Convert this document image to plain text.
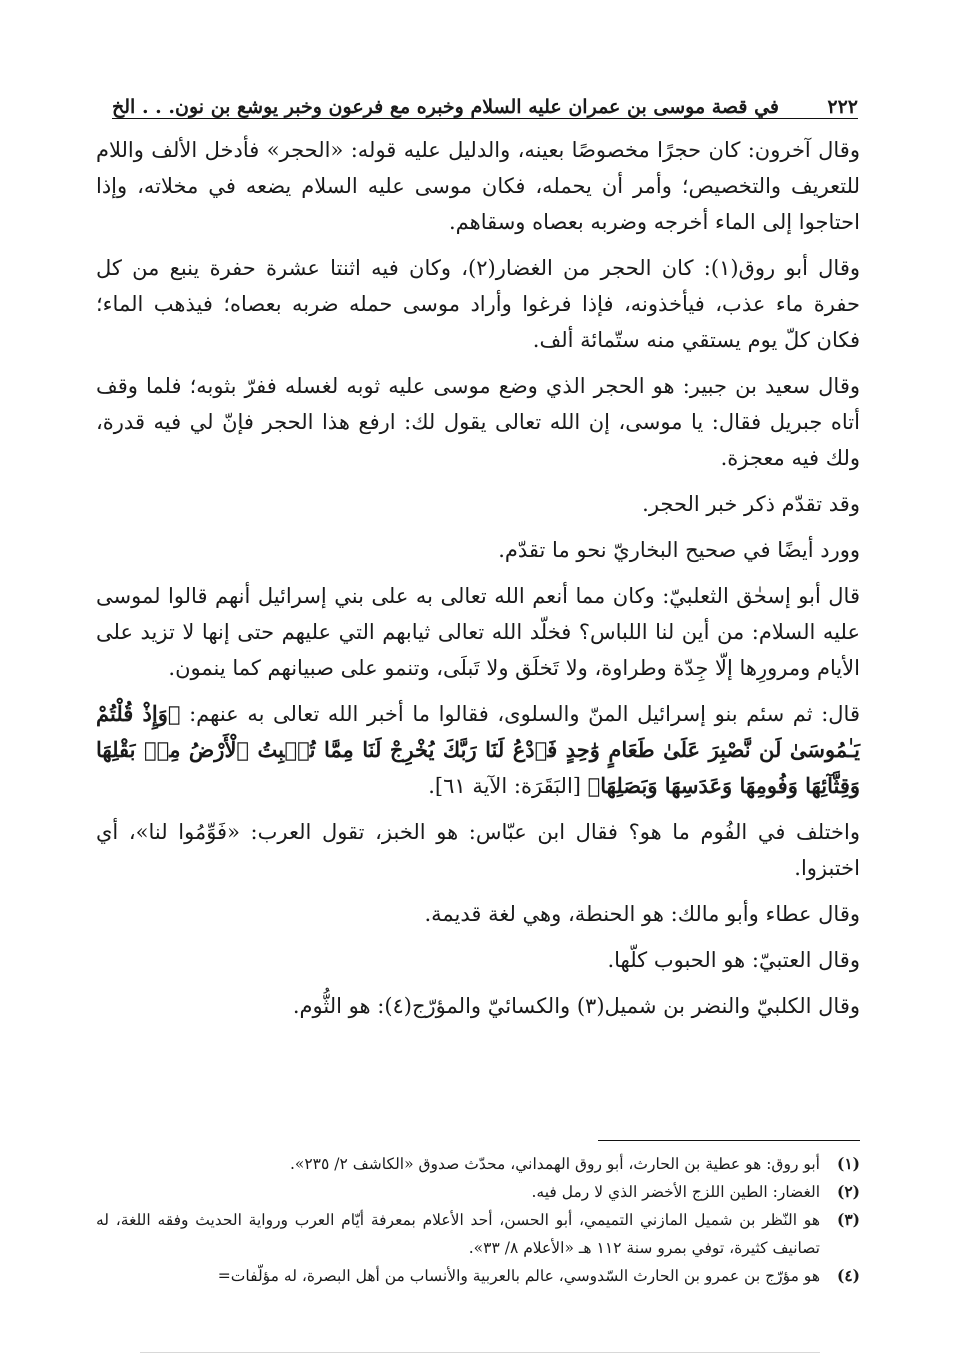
٢٢٢
في قصة موسى بن عمران عليه السلام وخبره مع فرعون وخبر يوشع بن نون. . . الخ

وقال آخرون: كان حجرًا مخصوصًا بعينه، والدليل عليه قوله: «الحجر» فأدخل الألف واللام للتعريف والتخصيص؛ وأمر أن يحمله، فكان موسى عليه السلام يضعه في مخلاته، وإذا احتاجوا إلى الماء أخرجه وضربه بعصاه وسقاهم.

وقال أبو روق(١): كان الحجر من الغضار(٢)، وكان فيه اثنتا عشرة حفرة ينبع من كل حفرة ماء عذب، فيأخذونه، فإذا فرغوا وأراد موسى حمله ضربه بعصاه؛ فيذهب الماء؛ فكان كلّ يوم يستقي منه ستّمائة ألف.

وقال سعيد بن جبير: هو الحجر الذي وضع موسى عليه ثوبه لغسله ففرّ بثوبه؛ فلما وقف أتاه جبريل فقال: يا موسى، إن الله تعالى يقول لك: ارفع هذا الحجر فإنّ لي فيه قدرة، ولك فيه معجزة.

وقد تقدّم ذكر خبر الحجر.

وورد أيضًا في صحيح البخاريّ نحو ما تقدّم.

قال أبو إسحٰق الثعلبيّ: وكان مما أنعم الله تعالى به على بني إسرائيل أنهم قالوا لموسى عليه السلام: من أين لنا اللباس؟ فخلّد الله تعالى ثيابهم التي عليهم حتى إنها لا تزيد على الأيام ومرورِها إلّا جِدّة وطراوة، ولا تَخلَق ولا تَبلَى، وتنمو على صبيانهم كما ينمون.

قال: ثم سئم بنو إسرائيل المنّ والسلوى، فقالوا ما أخبر الله تعالى به عنهم: ﴿وَإِذْ قُلْتُمْ يَـٰمُوسَىٰ لَن نَّصْبِرَ عَلَىٰ طَعَامٍ وَٰحِدٍ فَٱدْعُ لَنَا رَبَّكَ يُخْرِجْ لَنَا مِمَّا تُنۢبِتُ ٱلْأَرْضُ مِنۢ بَقْلِهَا وَقِثَّآئِهَا وَفُومِهَا وَعَدَسِهَا وَبَصَلِهَا﴾ [البَقَرَة: الآية ٦١].

واختلف في الفُوم ما هو؟ فقال ابن عبّاس: هو الخبز، تقول العرب: «فَوِّمُوا لنا»، أي اختبزوا.

وقال عطاء وأبو مالك: هو الحنطة، وهي لغة قديمة.

وقال العتبيّ: هو الحبوب كلّها.

وقال الكلبيّ والنضر بن شميل(٣) والكسائيّ والمؤرّج(٤): هو الثُّوم.

(١)
أبو روق: هو عطية بن الحارث، أبو روق الهمداني، محدّث صدوق «الكاشف ٢/ ٢٣٥».
(٢)
الغضار: الطين اللزج الأخضر الذي لا رمل فيه.
(٣)
هو النّظر بن شميل المازني التميمي، أبو الحسن، أحد الأعلام بمعرفة أيّام العرب ورواية الحديث وفقه اللغة، له تصانيف كثيرة، توفي بمرو سنة ١١٢ هـ «الأعلام ٨/ ٣٣».
(٤)
هو مؤرّج بن عمرو بن الحارث السّدوسي، عالم بالعربية والأنساب من أهل البصرة، له مؤلّفات=
